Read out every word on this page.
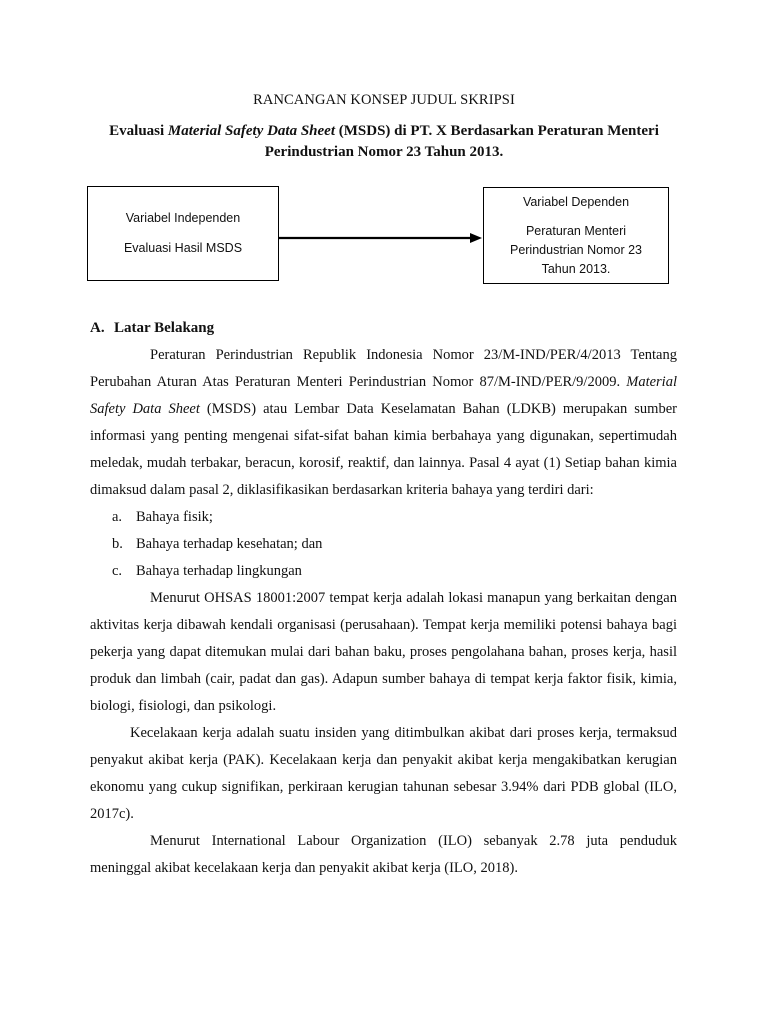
RANCANGAN KONSEP JUDUL SKRIPSI
Evaluasi Material Safety Data Sheet (MSDS) di PT. X Berdasarkan Peraturan Menteri Perindustrian Nomor 23 Tahun 2013.
Variabel Independen
Evaluasi Hasil MSDS
Variabel Dependen
Peraturan Menteri
Perindustrian Nomor 23
Tahun 2013.
A. Latar Belakang

Peraturan Perindustrian Republik Indonesia Nomor 23/M-IND/PER/4/2013 Tentang Perubahan Aturan Atas Peraturan Menteri Perindustrian Nomor 87/M-IND/PER/9/2009. Material Safety Data Sheet (MSDS) atau Lembar Data Keselamatan Bahan (LDKB) merupakan sumber informasi yang penting mengenai sifat-sifat bahan kimia berbahaya yang digunakan, sepertimudah meledak, mudah terbakar, beracun, korosif, reaktif, dan lainnya. Pasal 4 ayat (1) Setiap bahan kimia dimaksud dalam pasal 2, diklasifikasikan berdasarkan kriteria bahaya yang terdiri dari:

a. Bahaya fisik;
b. Bahaya terhadap kesehatan; dan
c. Bahaya terhadap lingkungan

Menurut OHSAS 18001:2007 tempat kerja adalah lokasi manapun yang berkaitan dengan aktivitas kerja dibawah kendali organisasi (perusahaan). Tempat kerja memiliki potensi bahaya bagi pekerja yang dapat ditemukan mulai dari bahan baku, proses pengolahana bahan, proses kerja, hasil produk dan limbah (cair, padat dan gas). Adapun sumber bahaya di tempat kerja faktor fisik, kimia, biologi, fisiologi, dan psikologi.

Kecelakaan kerja adalah suatu insiden yang ditimbulkan akibat dari proses kerja, termaksud penyakut akibat kerja (PAK). Kecelakaan kerja dan penyakit akibat kerja mengakibatkan kerugian ekonomu yang cukup signifikan, perkiraan kerugian tahunan sebesar 3.94% dari PDB global (ILO, 2017c).

Menurut International Labour Organization (ILO) sebanyak 2.78 juta penduduk meninggal akibat kecelakaan kerja dan penyakit akibat kerja (ILO, 2018).
